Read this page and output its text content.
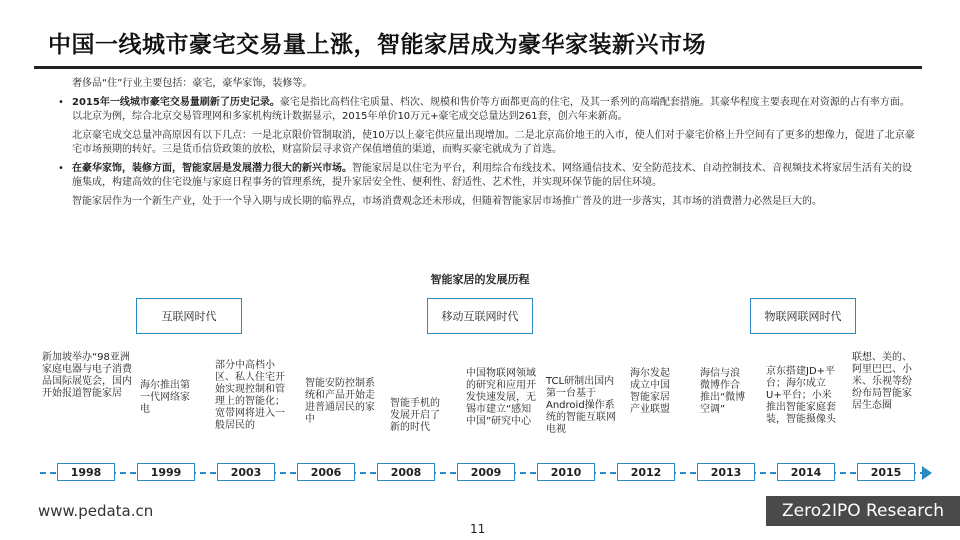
中国一线城市豪宅交易量上涨，智能家居成为豪华家装新兴市场

奢侈品“住”行业主要包括：豪宅，豪华家饰，装修等。

• 2015年一线城市豪宅交易量刷新了历史记录。豪宅是指比高档住宅质量、档次、规模和售价等方面都更高的住宅，及其一系列的高端配套措施。其豪华程度主要表现在对资源的占有率方面。以北京为例，综合北京交易管理网和多家机构统计数据显示，2015年单价10万元+豪宅成交总量达到261套，创六年来新高。

北京豪宅成交总量冲高原因有以下几点：一是北京限价管制取消，使10万以上豪宅供应量出现增加。二是北京高价地王的入市，使人们对于豪宅价格上升空间有了更多的想像力，促进了北京豪宅市场预期的转好。三是货币信贷政策的放松，财富阶层寻求资产保值增值的渠道，而购买豪宅就成为了首选。

• 在豪华家饰，装修方面，智能家居是发展潜力很大的新兴市场。智能家居是以住宅为平台，利用综合布线技术、网络通信技术、安全防范技术、自动控制技术、音视频技术将家居生活有关的设施集成，构建高效的住宅设施与家庭日程事务的管理系统，提升家居安全性、便利性、舒适性、艺术性，并实现环保节能的居住环境。

智能家居作为一个新生产业，处于一个导入期与成长期的临界点，市场消费观念还未形成，但随着智能家居市场推广普及的进一步落实，其市场的消费潜力必然是巨大的。

智能家居的发展历程
互联网时代	移动互联网时代	物联网联网时代
新加坡举办“98亚洲家庭电器与电子消费品国际展览会，国内开始报道智能家居
海尔推出第一代网络家电
部分中高档小区、私人住宅开始实现控制和管理上的智能化；宽带网将进入一般居民的
智能安防控制系统和产品开始走进普通居民的家中
智能手机的发展开启了新的时代
中国物联网领域的研究和应用开发快速发展，无锡市建立“感知中国”研究中心
TCL研制出国内第一台基于Android操作系统的智能互联网电视
海尔发起成立中国智能家居产业联盟
海信与浪微博作合推出“微博空调”
京东搭建JD+平台；海尔成立U+平台；小米推出智能家庭套装，智能摄像头
联想、美的、阿里巴巴、小米、乐视等纷纷布局智能家居生态圈
1998	1999	2003	2006	2008	2009	2010	2012	2013	2014	2015
www.pedata.cn
11
Zero2IPO Research
